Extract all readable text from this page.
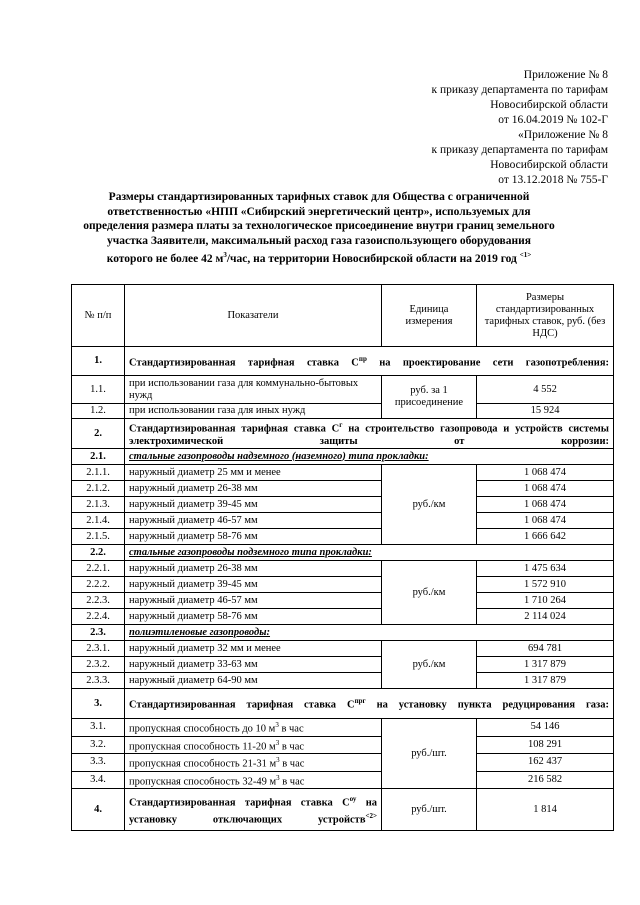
Приложение № 8
к приказу департамента по тарифам
Новосибирской области
от 16.04.2019 № 102-Г
«Приложение № 8
к приказу департамента по тарифам
Новосибирской области
от 13.12.2018 № 755-Г
Размеры стандартизированных тарифных ставок для Общества с ограниченной
ответственностью «НПП «Сибирский энергетический центр», используемых для
определения размера платы за технологическое присоединение внутри границ земельного
участка Заявители, максимальный расход газа газоиспользующего оборудования
которого не более 42 $м^3$/час, на территории Новосибирской области на 2019 год $^{<1>}$
№ п/п	Показатели	Единица измерения	Размеры стандартизированных тарифных ставок, руб. (без НДС)
1.	Стандартизированная тарифная ставка $С^{пр}$ на проектирование сети газопотребления:		
1.1.	при использовании газа для коммунально-бытовых нужд	руб. за 1 присоединение	4 552
1.2.	при использовании газа для иных нужд		15 924
2.	Стандартизированная тарифная ставка $С^г$ на строительство газопровода и устройств системы электрохимической защиты от коррозии:		
2.1.	стальные газопроводы надземного (наземного) типа прокладки:		
2.1.1.	наружный диаметр 25 мм и менее	руб./км	1 068 474
2.1.2.	наружный диаметр 26-38 мм		1 068 474
2.1.3.	наружный диаметр 39-45 мм		1 068 474
2.1.4.	наружный диаметр 46-57 мм		1 068 474
2.1.5.	наружный диаметр 58-76 мм		1 666 642
2.2.	стальные газопроводы подземного типа прокладки:		
2.2.1.	наружный диаметр 26-38 мм	руб./км	1 475 634
2.2.2.	наружный диаметр 39-45 мм		1 572 910
2.2.3.	наружный диаметр 46-57 мм		1 710 264
2.2.4.	наружный диаметр 58-76 мм		2 114 024
2.3.	полиэтиленовые газопроводы:		
2.3.1.	наружный диаметр 32 мм и менее	руб./км	694 781
2.3.2.	наружный диаметр 33-63 мм		1 317 879
2.3.3.	наружный диаметр 64-90 мм		1 317 879
3.	Стандартизированная тарифная ставка $С^{прг}$ на установку пункта редуцирования газа:		
3.1.	пропускная способность до 10 $м^3$ в час	руб./шт.	54 146
3.2.	пропускная способность 11-20 $м^3$ в час		108 291
3.3.	пропускная способность 21-31 $м^3$ в час		162 437
3.4.	пропускная способность 32-49 $м^3$ в час		216 582
4.	Стандартизированная тарифная ставка $С^{оу}$ на установку отключающих устройств$^{<2>}$	руб./шт.	1 814
